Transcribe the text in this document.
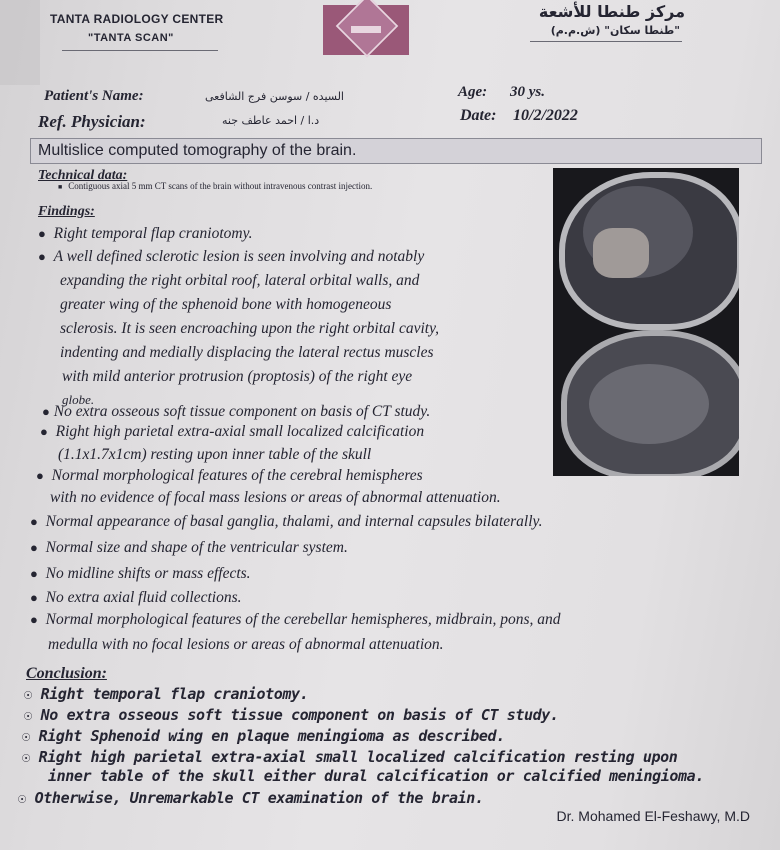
TANTA RADIOLOGY CENTER
"TANTA SCAN"
مركز طنطا للأشعة
"طنطا سكان" (ش.م.م)
Patient's Name:	السيده / سوسن فرج الشافعى	Age: 30 ys.
Ref. Physician:	د.ا / احمد عاطف جنه	Date: 10/2/2022
Multislice computed tomography of the brain.
Technical data:
■ Contiguous axial 5 mm CT scans of the brain without intravenous contrast injection.
Findings:
● Right temporal flap craniotomy.
● A well defined sclerotic lesion is seen involving and notably
expanding the right orbital roof, lateral orbital walls, and
greater wing of the sphenoid bone with homogeneous
sclerosis. It is seen encroaching upon the right orbital cavity,
indenting and medially displacing the lateral rectus muscles
with mild anterior protrusion (proptosis) of the right eye
globe.
● No extra osseous soft tissue component on basis of CT study.
● Right high parietal extra-axial small localized calcification
(1.1x1.7x1cm) resting upon inner table of the skull
● Normal morphological features of the cerebral hemispheres
with no evidence of focal mass lesions or areas of abnormal attenuation.
● Normal appearance of basal ganglia, thalami, and internal capsules bilaterally.
● Normal size and shape of the ventricular system.
● No midline shifts or mass effects.
● No extra axial fluid collections.
● Normal morphological features of the cerebellar hemispheres, midbrain, pons, and
medulla with no focal lesions or areas of abnormal attenuation.
Conclusion:
☉ Right temporal flap craniotomy.
☉ No extra osseous soft tissue component on basis of CT study.
☉ Right Sphenoid wing en plaque meningioma as described.
☉ Right high parietal extra-axial small localized calcification resting upon
inner table of the skull either dural calcification or calcified meningioma.
☉ Otherwise, Unremarkable CT examination of the brain.
Dr. Mohamed El-Feshawy, M.D
